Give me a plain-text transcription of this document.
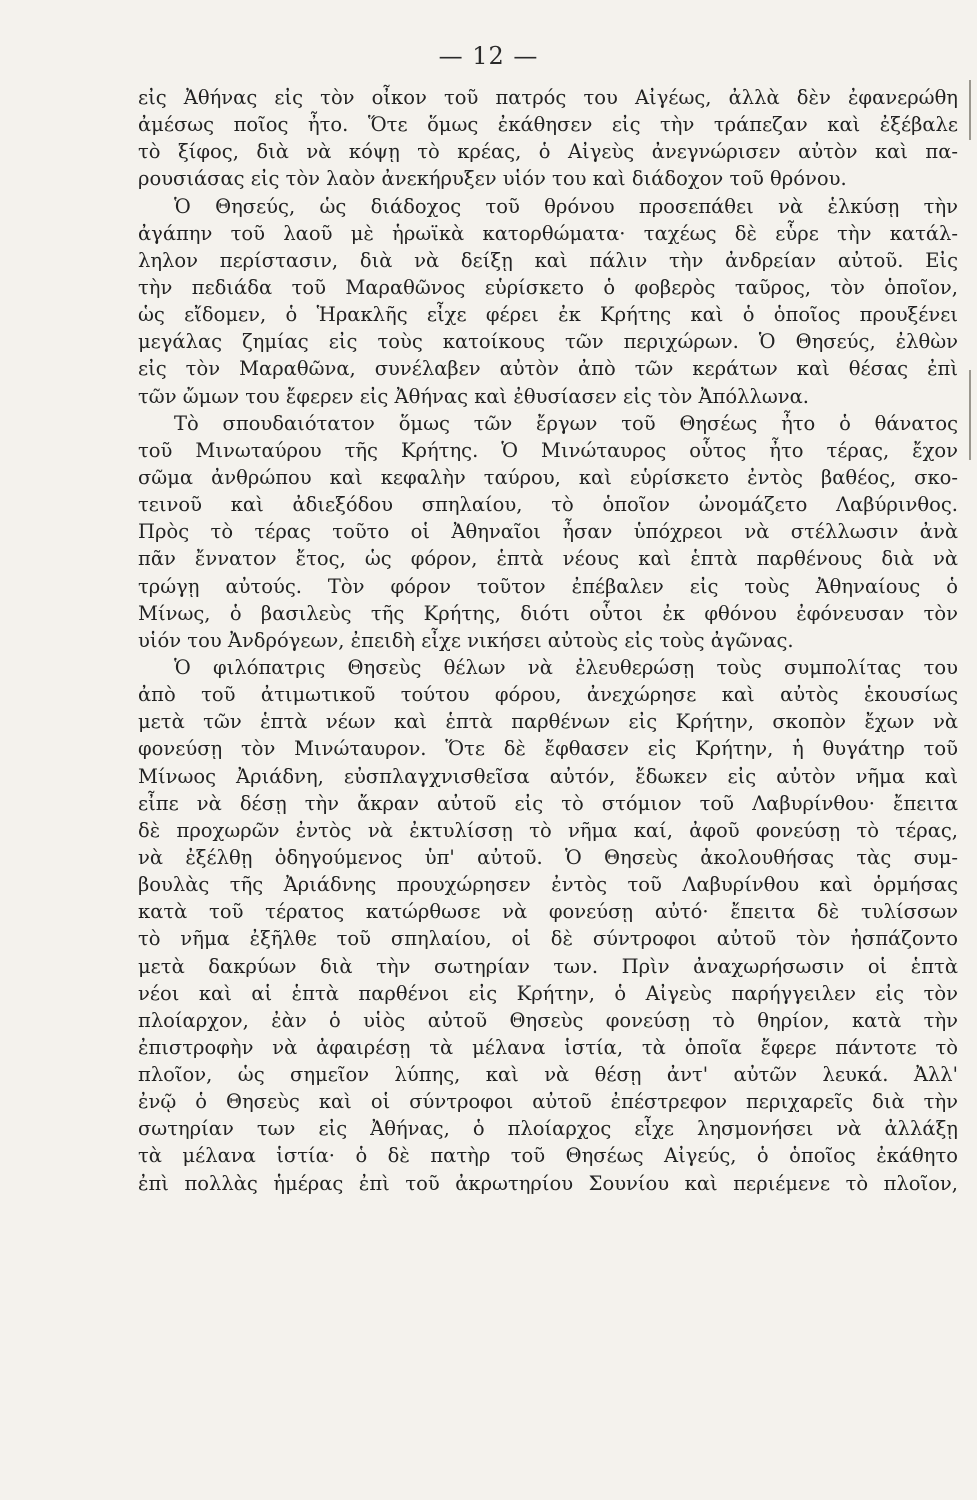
— 12 —
εἰς Ἀθήνας εἰς τὸν οἶκον τοῦ πατρός του Αἰγέως, ἀλλὰ δὲν ἐφανερώθη
ἀμέσως ποῖος ἦτο. Ὅτε ὅμως ἐκάθησεν εἰς τὴν τράπεζαν καὶ ἐξέβαλε
τὸ ξίφος, διὰ νὰ κόψῃ τὸ κρέας, ὁ Αἰγεὺς ἀνεγνώρισεν αὐτὸν καὶ πα-
ρουσιάσας εἰς τὸν λαὸν ἀνεκήρυξεν υἱόν του καὶ διάδοχον τοῦ θρόνου.
Ὁ Θησεύς, ὡς διάδοχος τοῦ θρόνου προσεπάθει νὰ ἑλκύσῃ τὴν
ἀγάπην τοῦ λαοῦ μὲ ἡρωϊκὰ κατορθώματα· ταχέως δὲ εὗρε τὴν κατάλ-
ληλον περίστασιν, διὰ νὰ δείξῃ καὶ πάλιν τὴν ἀνδρείαν αὐτοῦ. Εἰς
τὴν πεδιάδα τοῦ Μαραθῶνος εὑρίσκετο ὁ φοβερὸς ταῦρος, τὸν ὁποῖον,
ὡς εἴδομεν, ὁ Ἡρακλῆς εἶχε φέρει ἐκ Κρήτης καὶ ὁ ὁποῖος προυξένει
μεγάλας ζημίας εἰς τοὺς κατοίκους τῶν περιχώρων. Ὁ Θησεύς, ἐλθὼν
εἰς τὸν Μαραθῶνα, συνέλαβεν αὐτὸν ἀπὸ τῶν κεράτων καὶ θέσας ἐπὶ
τῶν ὤμων του ἔφερεν εἰς Ἀθήνας καὶ ἐθυσίασεν εἰς τὸν Ἀπόλλωνα.
Τὸ σπουδαιότατον ὅμως τῶν ἔργων τοῦ Θησέως ἦτο ὁ θάνατος
τοῦ Μινωταύρου τῆς Κρήτης. Ὁ Μινώταυρος οὗτος ἦτο τέρας, ἔχον
σῶμα ἀνθρώπου καὶ κεφαλὴν ταύρου, καὶ εὑρίσκετο ἐντὸς βαθέος, σκο-
τεινοῦ καὶ ἀδιεξόδου σπηλαίου, τὸ ὁποῖον ὠνομάζετο Λαβύρινθος.
Πρὸς τὸ τέρας τοῦτο οἱ Ἀθηναῖοι ἦσαν ὑπόχρεοι νὰ στέλλωσιν ἀνὰ
πᾶν ἔννατον ἔτος, ὡς φόρον, ἑπτὰ νέους καὶ ἑπτὰ παρθένους διὰ νὰ
τρώγῃ αὐτούς. Τὸν φόρον τοῦτον ἐπέβαλεν εἰς τοὺς Ἀθηναίους ὁ
Μίνως, ὁ βασιλεὺς τῆς Κρήτης, διότι οὗτοι ἐκ φθόνου ἐφόνευσαν τὸν
υἱόν του Ἀνδρόγεων, ἐπειδὴ εἶχε νικήσει αὐτοὺς εἰς τοὺς ἀγῶνας.
Ὁ φιλόπατρις Θησεὺς θέλων νὰ ἐλευθερώσῃ τοὺς συμπολίτας του
ἀπὸ τοῦ ἀτιμωτικοῦ τούτου φόρου, ἀνεχώρησε καὶ αὐτὸς ἑκουσίως
μετὰ τῶν ἑπτὰ νέων καὶ ἑπτὰ παρθένων εἰς Κρήτην, σκοπὸν ἔχων νὰ
φονεύσῃ τὸν Μινώταυρον. Ὅτε δὲ ἔφθασεν εἰς Κρήτην, ἡ θυγάτηρ τοῦ
Μίνωος Ἀριάδνη, εὐσπλαγχνισθεῖσα αὐτόν, ἔδωκεν εἰς αὐτὸν νῆμα καὶ
εἶπε νὰ δέσῃ τὴν ἄκραν αὐτοῦ εἰς τὸ στόμιον τοῦ Λαβυρίνθου· ἔπειτα
δὲ προχωρῶν ἐντὸς νὰ ἐκτυλίσσῃ τὸ νῆμα καί, ἀφοῦ φονεύσῃ τὸ τέρας,
νὰ ἐξέλθῃ ὁδηγούμενος ὑπ' αὐτοῦ. Ὁ Θησεὺς ἀκολουθήσας τὰς συμ-
βουλὰς τῆς Ἀριάδνης προυχώρησεν ἐντὸς τοῦ Λαβυρίνθου καὶ ὁρμήσας
κατὰ τοῦ τέρατος κατώρθωσε νὰ φονεύσῃ αὐτό· ἔπειτα δὲ τυλίσσων
τὸ νῆμα ἐξῆλθε τοῦ σπηλαίου, οἱ δὲ σύντροφοι αὐτοῦ τὸν ἠσπάζοντο
μετὰ δακρύων διὰ τὴν σωτηρίαν των. Πρὶν ἀναχωρήσωσιν οἱ ἑπτὰ
νέοι καὶ αἱ ἑπτὰ παρθένοι εἰς Κρήτην, ὁ Αἰγεὺς παρήγγειλεν εἰς τὸν
πλοίαρχον, ἐὰν ὁ υἱὸς αὐτοῦ Θησεὺς φονεύσῃ τὸ θηρίον, κατὰ τὴν
ἐπιστροφὴν νὰ ἀφαιρέσῃ τὰ μέλανα ἱστία, τὰ ὁποῖα ἔφερε πάντοτε τὸ
πλοῖον, ὡς σημεῖον λύπης, καὶ νὰ θέσῃ ἀντ' αὐτῶν λευκά. Ἀλλ'
ἐνῷ ὁ Θησεὺς καὶ οἱ σύντροφοι αὐτοῦ ἐπέστρεφον περιχαρεῖς διὰ τὴν
σωτηρίαν των εἰς Ἀθήνας, ὁ πλοίαρχος εἶχε λησμονήσει νὰ ἀλλάξῃ
τὰ μέλανα ἱστία· ὁ δὲ πατὴρ τοῦ Θησέως Αἰγεύς, ὁ ὁποῖος ἐκάθητο
ἐπὶ πολλὰς ἡμέρας ἐπὶ τοῦ ἀκρωτηρίου Σουνίου καὶ περιέμενε τὸ πλοῖον,
